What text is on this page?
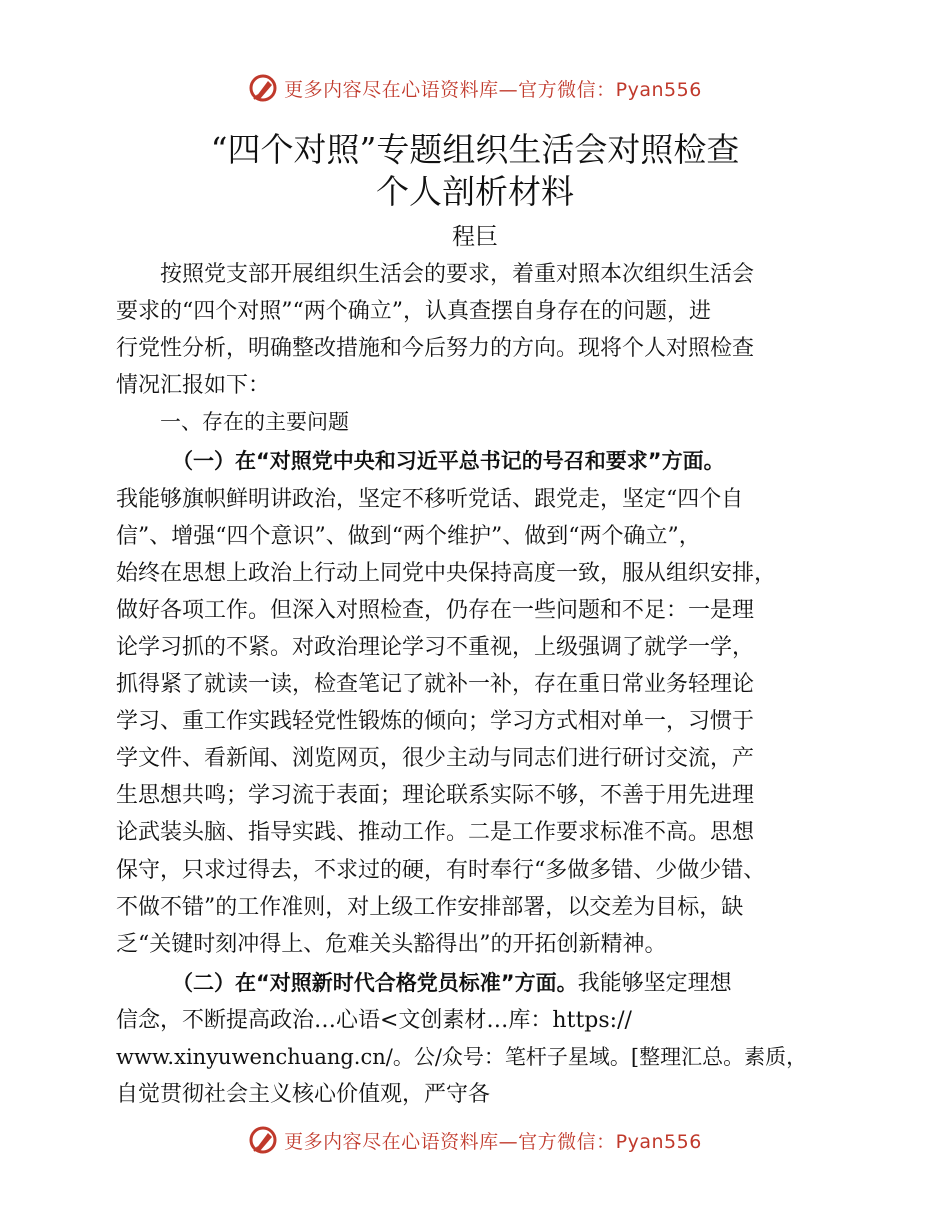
更多内容尽在心语资料库—官方微信：Pyan556
“四个对照”专题组织生活会对照检查
个人剖析材料
程巨
按照党支部开展组织生活会的要求，着重对照本次组织生活会
要求的“四个对照”“两个确立”，认真查摆自身存在的问题，进
行党性分析，明确整改措施和今后努力的方向。现将个人对照检查
情况汇报如下：
一、存在的主要问题
（一）在“对照党中央和习近平总书记的号召和要求”方面。
我能够旗帜鲜明讲政治，坚定不移听党话、跟党走，坚定“四个自
信”、增强“四个意识”、做到“两个维护”、做到“两个确立”，
始终在思想上政治上行动上同党中央保持高度一致，服从组织安排，
做好各项工作。但深入对照检查，仍存在一些问题和不足：一是理
论学习抓的不紧。对政治理论学习不重视，上级强调了就学一学，
抓得紧了就读一读，检查笔记了就补一补，存在重日常业务轻理论
学习、重工作实践轻党性锻炼的倾向；学习方式相对单一，习惯于
学文件、看新闻、浏览网页，很少主动与同志们进行研讨交流，产
生思想共鸣；学习流于表面；理论联系实际不够，不善于用先进理
论武装头脑、指导实践、推动工作。二是工作要求标准不高。思想
保守，只求过得去，不求过的硬，有时奉行“多做多错、少做少错、
不做不错”的工作准则，对上级工作安排部署，以交差为目标，缺
乏“关键时刻冲得上、危难关头豁得出”的开拓创新精神。
（二）在“对照新时代合格党员标准”方面。我能够坚定理想
信念，不断提高政治…心语<文创素材…库：https://
www.xinyuwenchuang.cn/。公/众号：笔杆子星域。[整理汇总。素质，
自觉贯彻社会主义核心价值观，严守各
更多内容尽在心语资料库—官方微信：Pyan556
